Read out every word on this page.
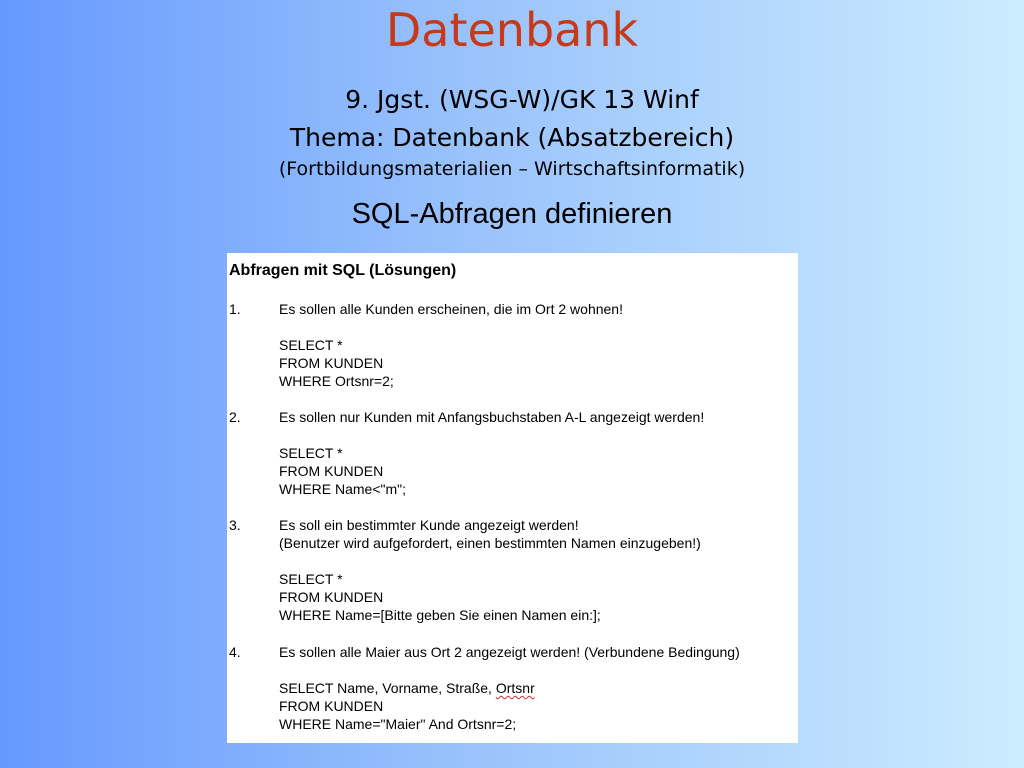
Datenbank
9. Jgst. (WSG-W)/GK 13 Winf
Thema: Datenbank (Absatzbereich)
(Fortbildungsmaterialien – Wirtschaftsinformatik)
SQL-Abfragen definieren
Abfragen mit SQL (Lösungen)
1.	Es sollen alle Kunden erscheinen, die im Ort 2 wohnen!
SELECT *
FROM KUNDEN
WHERE Ortsnr=2;
2.	Es sollen nur Kunden mit Anfangsbuchstaben A-L angezeigt werden!
SELECT *
FROM KUNDEN
WHERE Name<"m";
3.	Es soll ein bestimmter Kunde angezeigt werden!
(Benutzer wird aufgefordert, einen bestimmten Namen einzugeben!)
SELECT *
FROM KUNDEN
WHERE Name=[Bitte geben Sie einen Namen ein:];
4.	Es sollen alle Maier aus Ort 2 angezeigt werden! (Verbundene Bedingung)
SELECT Name, Vorname, Straße, Ortsnr
FROM KUNDEN
WHERE Name="Maier" And Ortsnr=2;
